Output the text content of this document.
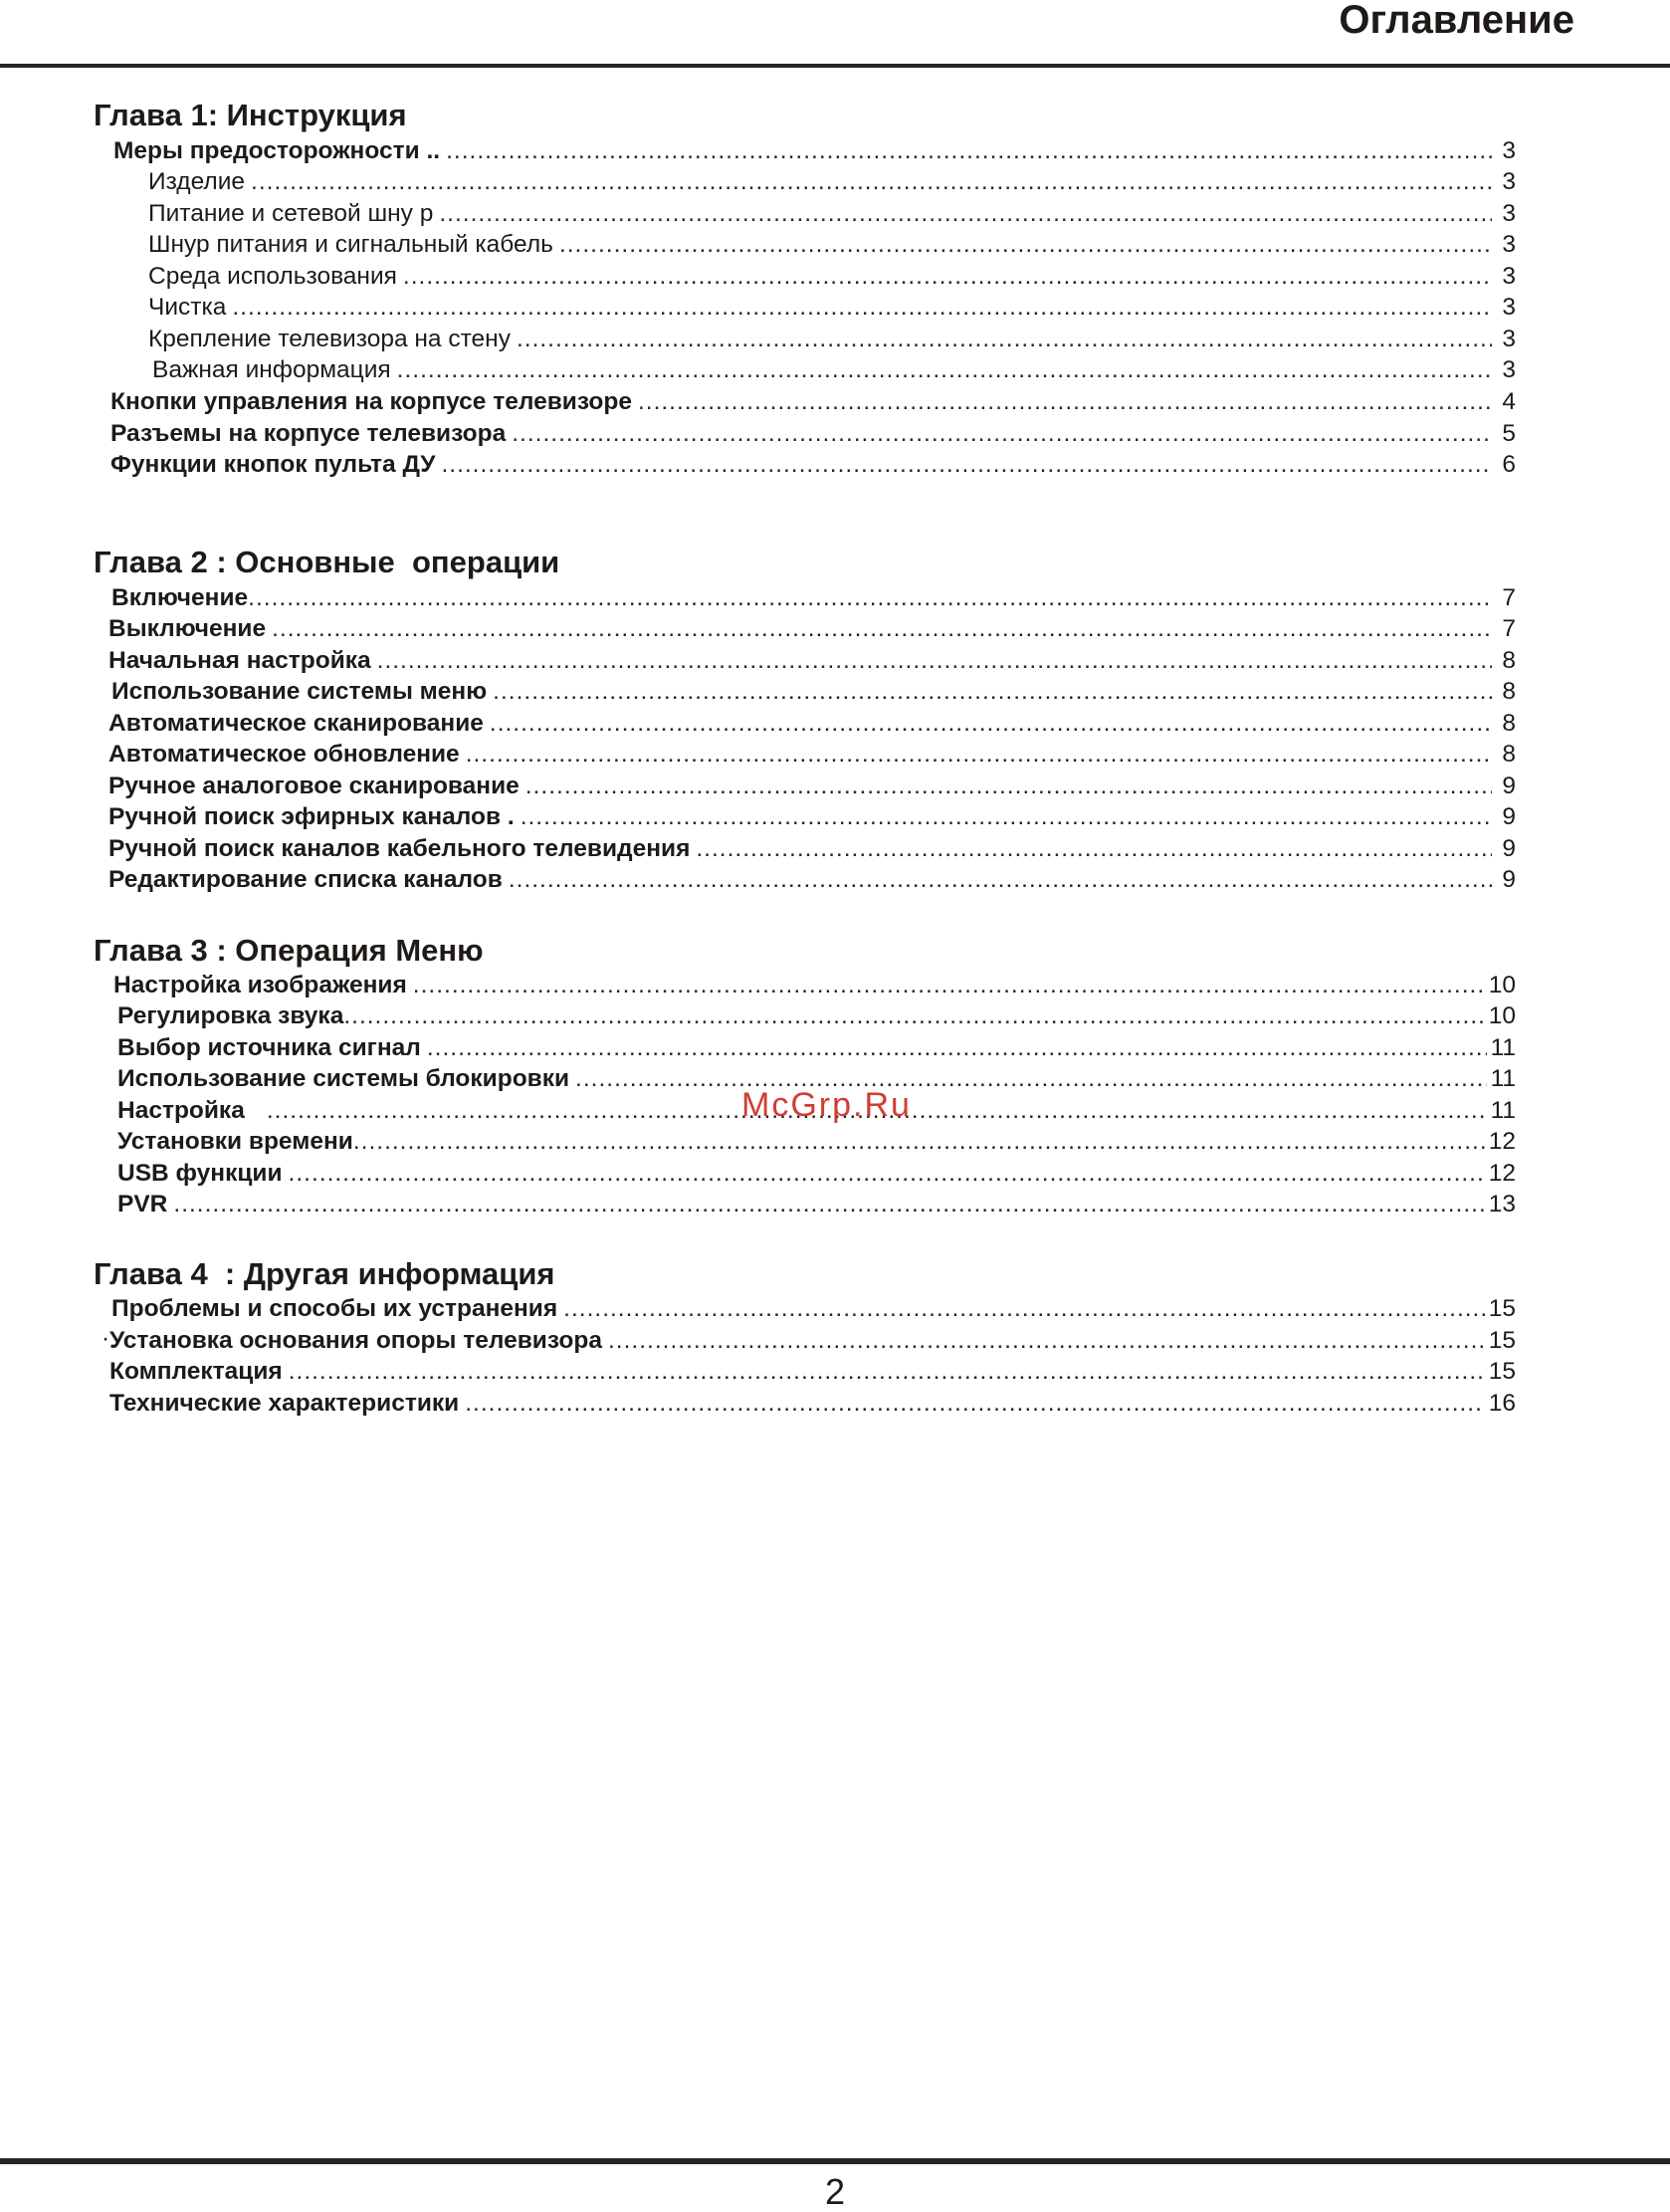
Оглавление
Глава 1: Инструкция
Меры предосторожности .. .....	3
Изделие .....	3
Питание и сетевой шну р .....	3
Шнур питания и сигнальный кабель .....	3
Среда использования .....	3
Чистка .....	3
Крепление телевизора на стену .....	3
Важная информация .....	3
Кнопки управления на корпусе телевизоре .....	4
Разъемы на корпусе телевизора .....	5
Функции кнопок пульта ДУ .....	6
Глава 2 : Основные  операции
Включение .....	7
Выключение .....	7
Начальная настройка .....	8
Использование системы меню .....	8
Автоматическое сканирование .....	8
Автоматическое обновление .....	8
Ручное аналоговое сканирование .....	9
Ручной поиск эфирных каналов . .....	9
Ручной поиск каналов кабельного телевидения .....	9
Редактирование списка каналов .....	9
Глава 3 : Операция Меню
Настройка изображения .....	10
Регулировка звука .....	10
Выбор источника сигнал .....	11
Использование системы блокировки .....	11
Настройка .....	11
Установки времени .....	12
USB функции .....	12
PVR .....	13
Глава 4  : Другая информация
Проблемы и способы их устранения .....	15
Установка основания опоры телевизора .....	15
Комплектация .....	15
Технические характеристики .....	16
·
McGrp.Ru
2
